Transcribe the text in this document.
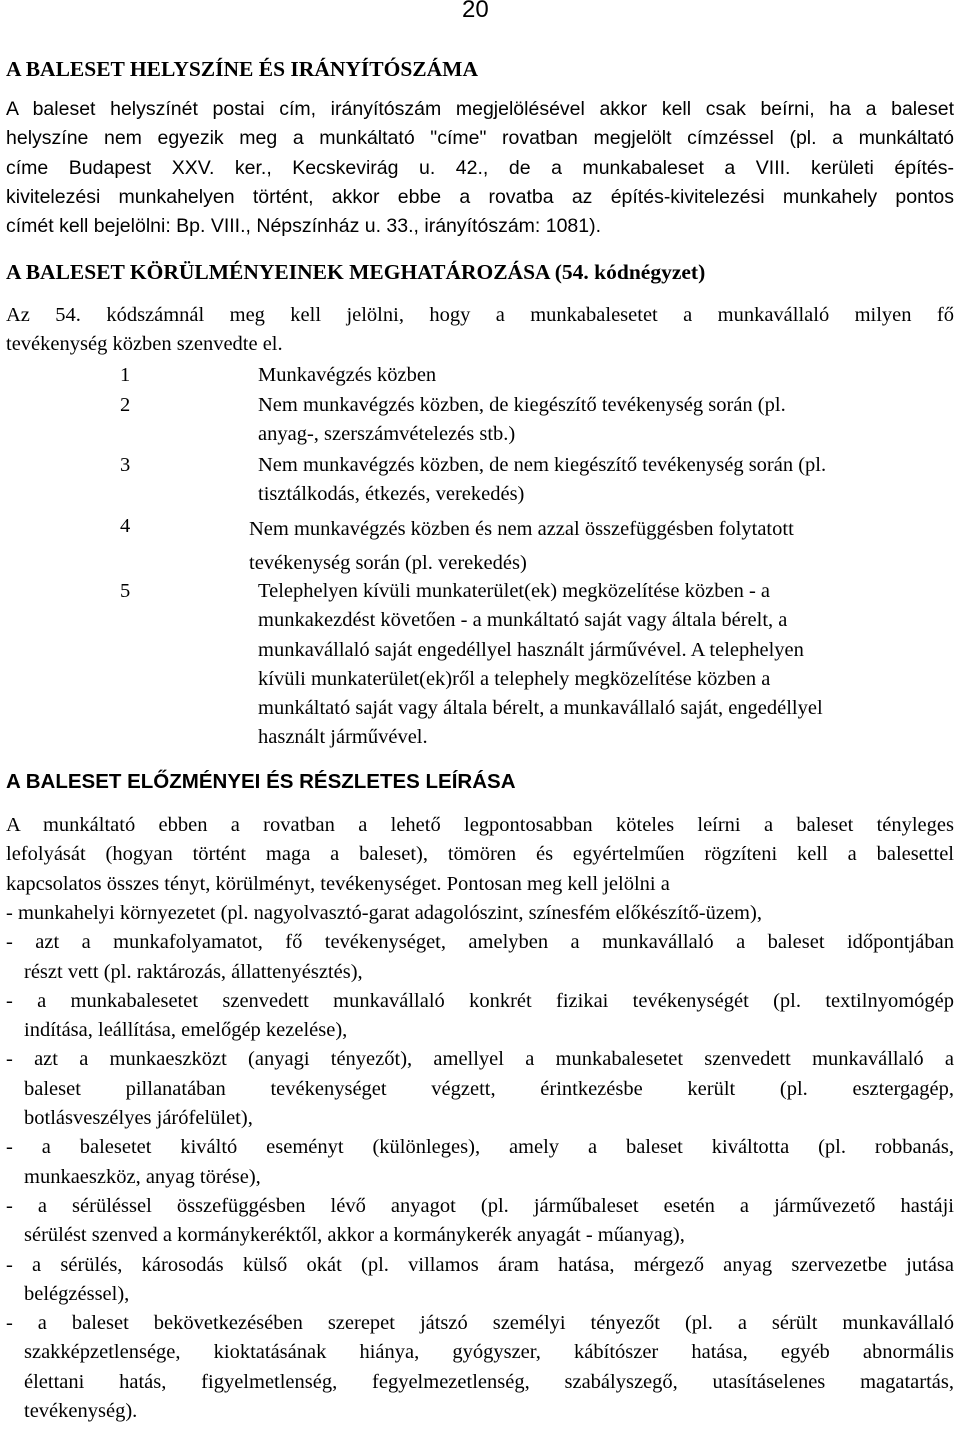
20
A BALESET HELYSZÍNE ÉS IRÁNYÍTÓSZÁMA
A baleset helyszínét postai cím, irányítószám megjelölésével akkor kell csak beírni, ha a baleset
helyszíne nem egyezik meg a munkáltató "címe" rovatban megjelölt címzéssel (pl. a munkáltató
címe Budapest XXV. ker., Kecskevirág u. 42., de a munkabaleset a VIII. kerületi építés-
kivitelezési munkahelyen történt, akkor ebbe a rovatba az építés-kivitelezési munkahely pontos
címét kell bejelölni: Bp. VIII., Népszínház u. 33., irányítószám: 1081).
A BALESET KÖRÜLMÉNYEINEK MEGHATÁROZÁSA (54. kódnégyzet)
Az 54. kódszámnál meg kell jelölni, hogy a munkabalesetet a munkavállaló milyen fő
tevékenység közben szenvedte el.
1	Munkavégzés közben
2	Nem munkavégzés közben, de kiegészítő tevékenység során (pl.
anyag-, szerszámvételezés stb.)
3	Nem munkavégzés közben, de nem kiegészítő tevékenység során (pl.
tisztálkodás, étkezés, verekedés)
4	Nem munkavégzés közben és nem azzal összefüggésben folytatott
tevékenység során (pl. verekedés)
5	Telephelyen kívüli munkaterület(ek) megközelítése közben - a
munkakezdést követően - a munkáltató saját vagy általa bérelt, a
munkavállaló saját engedéllyel használt járművével. A telephelyen
kívüli munkaterület(ek)ről a telephely megközelítése közben a
munkáltató saját vagy általa bérelt, a munkavállaló saját, engedéllyel
használt járművével.
A BALESET ELŐZMÉNYEI ÉS RÉSZLETES LEÍRÁSA
A munkáltató ebben a rovatban a lehető legpontosabban köteles leírni a baleset tényleges
lefolyását (hogyan történt maga a baleset), tömören és egyértelműen rögzíteni kell a balesettel
kapcsolatos összes tényt, körülményt, tevékenységet. Pontosan meg kell jelölni a
- munkahelyi környezetet (pl. nagyolvasztó-garat adagolószint, színesfém előkészítő-üzem),
- azt a munkafolyamatot, fő tevékenységet, amelyben a munkavállaló a baleset időpontjában
részt vett (pl. raktározás, állattenyésztés),
- a munkabalesetet szenvedett munkavállaló konkrét fizikai tevékenységét (pl. textilnyomógép
indítása, leállítása, emelőgép kezelése),
- azt a munkaeszközt (anyagi tényezőt), amellyel a munkabalesetet szenvedett munkavállaló a
baleset pillanatában tevékenységet végzett, érintkezésbe került (pl. esztergagép,
botlásveszélyes járófelület),
- a balesetet kiváltó eseményt (különleges), amely a baleset kiváltotta (pl. robbanás,
munkaeszköz, anyag törése),
- a sérüléssel összefüggésben lévő anyagot (pl. járműbaleset esetén a járművezető hastáji
sérülést szenved a kormánykeréktől, akkor a kormánykerék anyagát - műanyag),
- a sérülés, károsodás külső okát (pl. villamos áram hatása, mérgező anyag szervezetbe jutása
belégzéssel),
- a baleset bekövetkezésében szerepet játszó személyi tényezőt (pl. a sérült munkavállaló
szakképzetlensége, kioktatásának hiánya, gyógyszer, kábítószer hatása, egyéb abnormális
élettani hatás, figyelmetlenség, fegyelmezetlenség, szabályszegő, utasításelenes magatartás,
tevékenység).
